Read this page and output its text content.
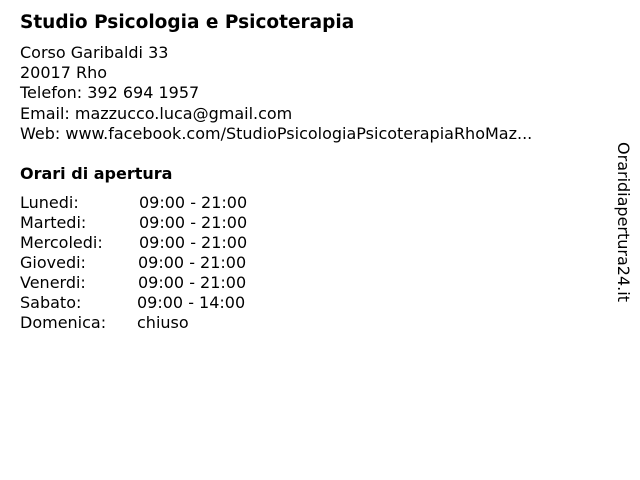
Studio Psicologia e Psicoterapia
Corso Garibaldi 33
20017 Rho
Telefon: 392 694 1957
Email: mazzucco.luca@gmail.com
Web: www.facebook.com/StudioPsicologiaPsicoterapiaRhoMaz...
Orari di apertura
Lunedi:	09:00 - 21:00
Martedi:	09:00 - 21:00
Mercoledi: 09:00 - 21:00
Giovedi:	09:00 - 21:00
Venerdi:	09:00 - 21:00
Sabato:	09:00 - 14:00
Domenica: chiuso
Oraridiapertura24.it
